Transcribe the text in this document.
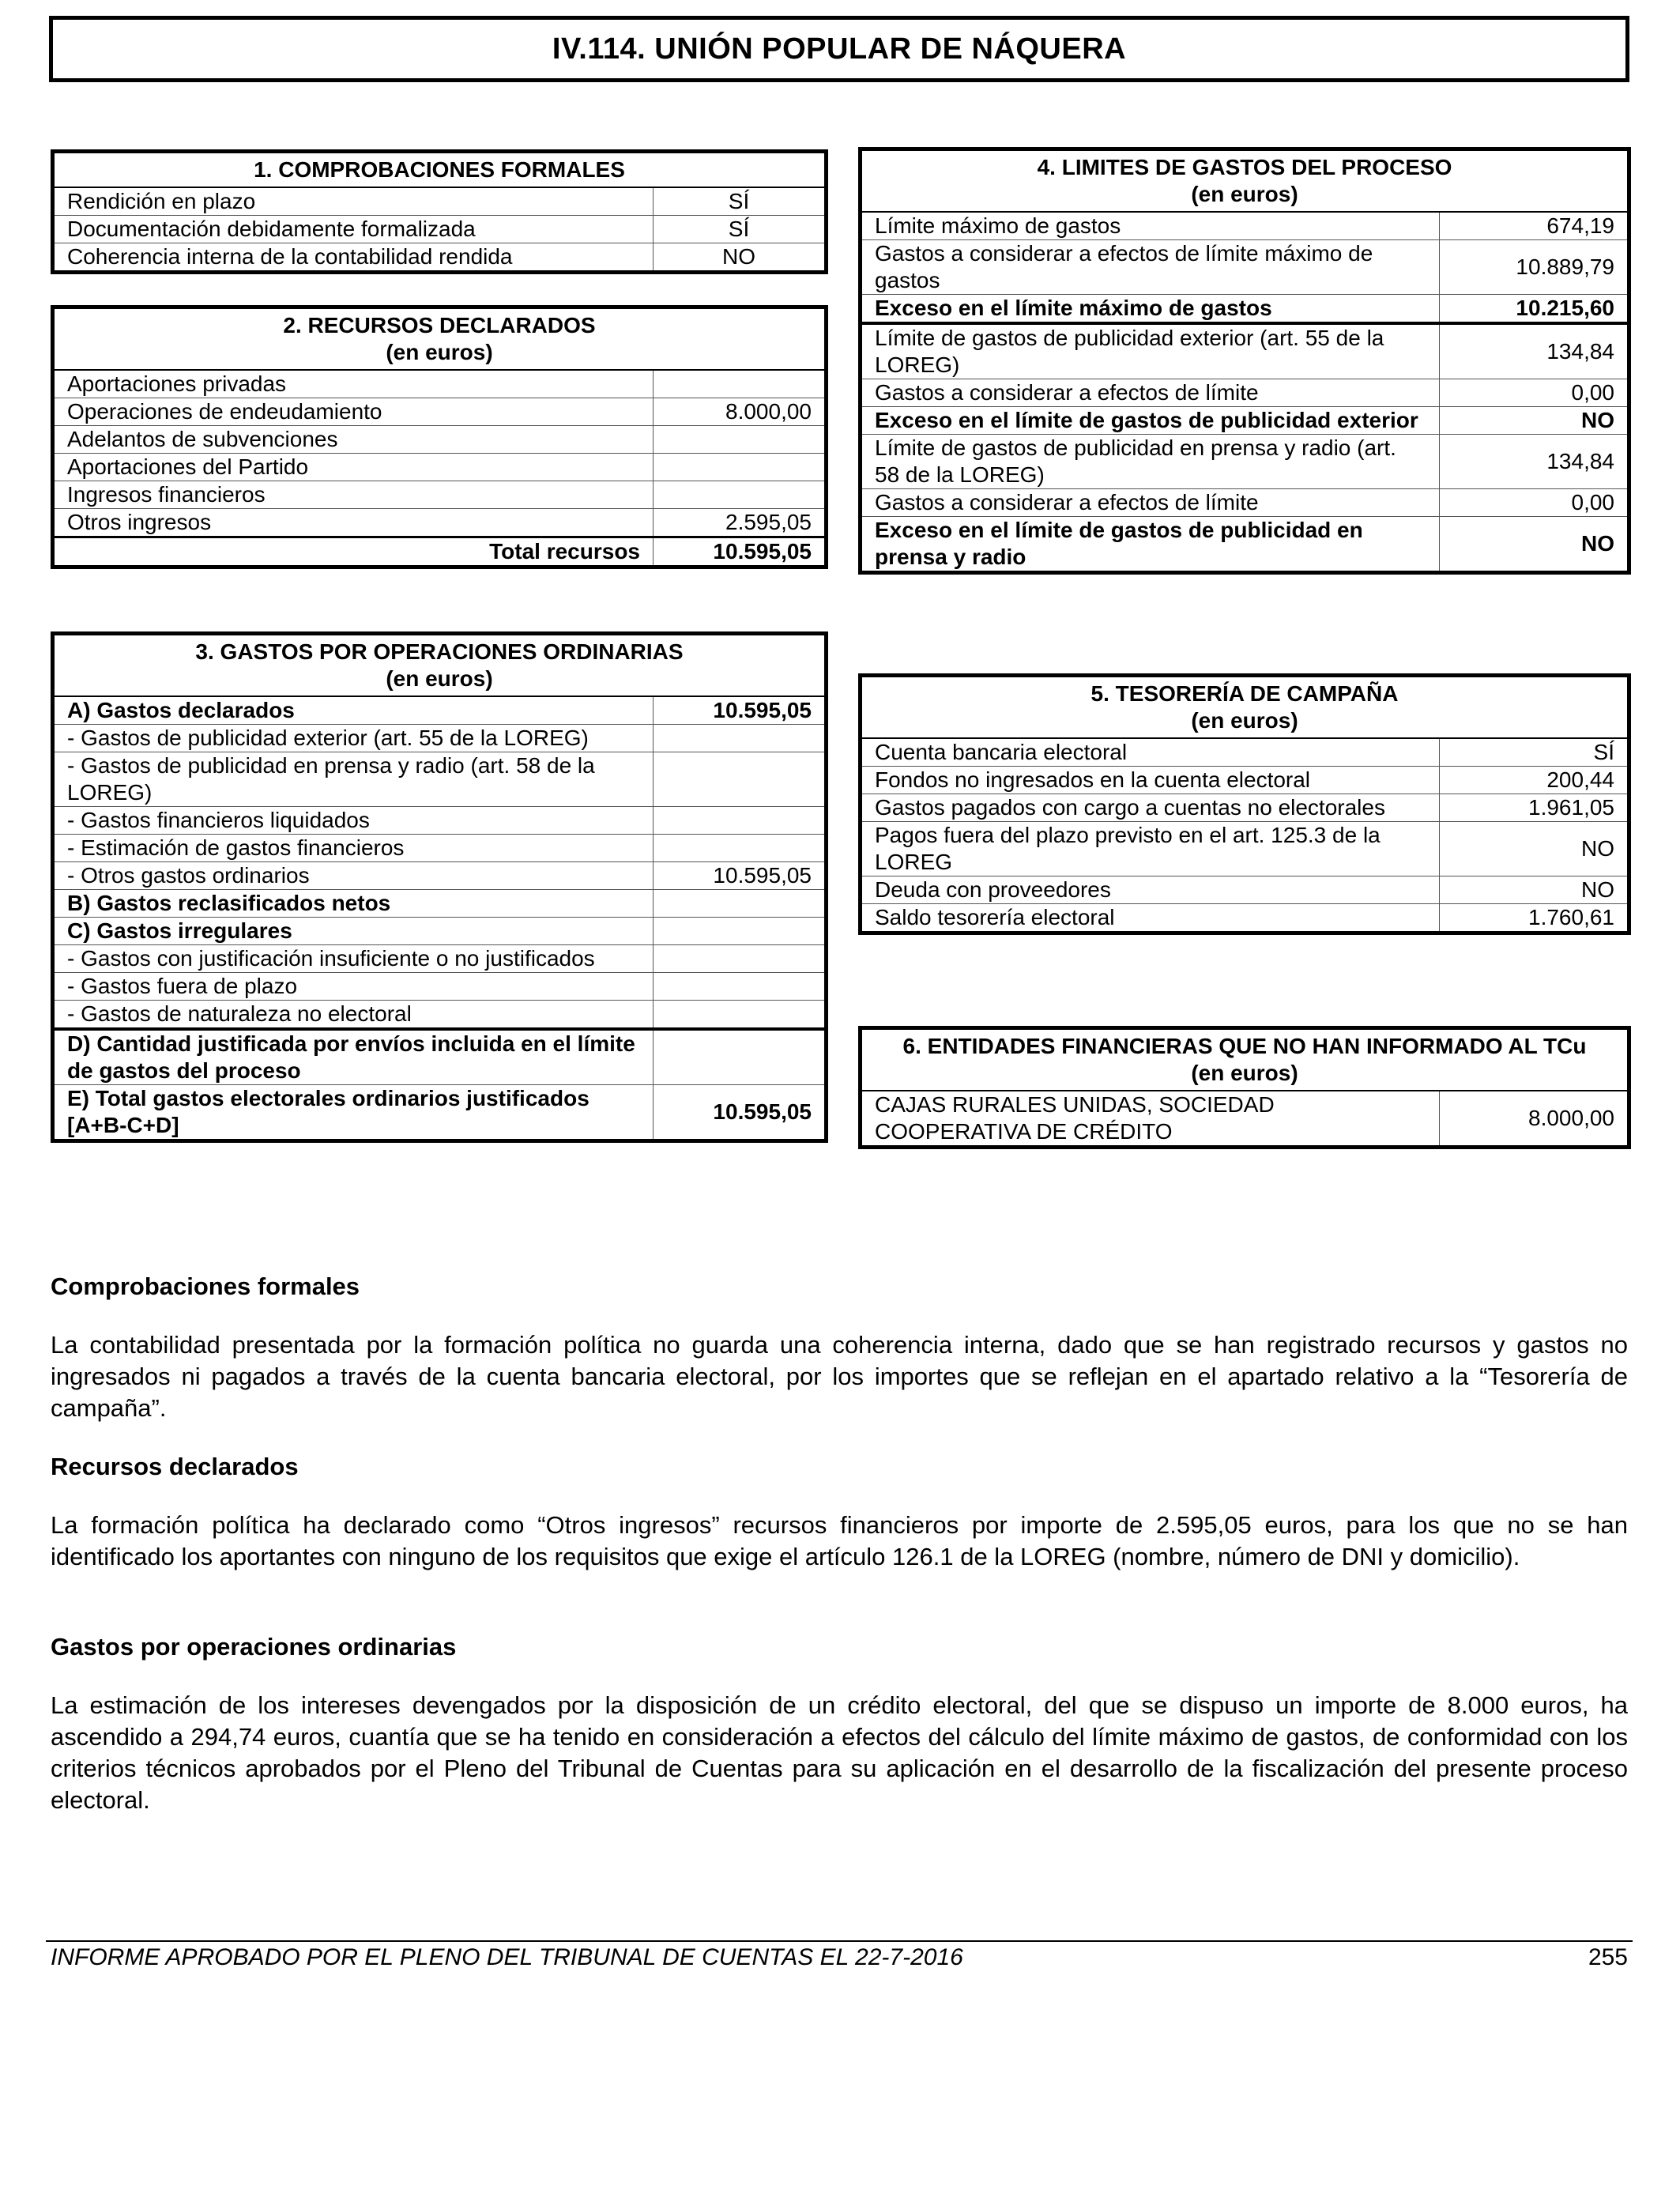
IV.114. UNIÓN POPULAR DE NÁQUERA
1. COMPROBACIONES FORMALES	
Rendición en plazo	SÍ
Documentación debidamente formalizada	SÍ
Coherencia interna de la contabilidad rendida	NO
2. RECURSOS DECLARADOS
(en euros)	

Aportaciones privadas	
Operaciones de endeudamiento	8.000,00
Adelantos de subvenciones	
Aportaciones del Partido	
Ingresos financieros	
Otros ingresos	2.595,05
Total recursos	10.595,05
3. GASTOS POR OPERACIONES ORDINARIAS
(en euros)	

A) Gastos declarados	10.595,05
- Gastos de publicidad exterior (art. 55 de la LOREG)	
- Gastos de publicidad en prensa y radio (art. 58 de la LOREG)	
- Gastos financieros liquidados	
- Estimación de gastos financieros	
- Otros gastos ordinarios	10.595,05
B) Gastos reclasificados netos	
C) Gastos irregulares	
- Gastos con justificación insuficiente o no justificados	
- Gastos fuera de plazo	
- Gastos de naturaleza no electoral	
D) Cantidad justificada por envíos incluida en el límite de gastos del proceso	
E) Total gastos electorales ordinarios justificados [A+B-C+D]	10.595,05
4. LIMITES DE GASTOS DEL PROCESO
(en euros)	

Límite máximo de gastos	674,19
Gastos a considerar a efectos de límite máximo de gastos	10.889,79
Exceso en el límite máximo de gastos	10.215,60
Límite de gastos de publicidad exterior (art. 55 de la LOREG)	134,84
Gastos a considerar a efectos de límite	0,00
Exceso en el límite de gastos de publicidad exterior	NO
Límite de gastos de publicidad en prensa y radio (art. 58 de la LOREG)	134,84
Gastos a considerar a efectos de límite	0,00
Exceso en el límite de gastos de publicidad en prensa y radio	NO
5. TESORERÍA DE CAMPAÑA
(en euros)	

Cuenta bancaria electoral	SÍ
Fondos no ingresados en la cuenta electoral	200,44
Gastos pagados con cargo a cuentas no electorales	1.961,05
Pagos fuera del plazo previsto en el art. 125.3 de la LOREG	NO
Deuda con proveedores	NO
Saldo tesorería electoral	1.760,61
6. ENTIDADES FINANCIERAS QUE NO HAN INFORMADO AL TCu
(en euros)

CAJAS RURALES UNIDAS, SOCIEDAD COOPERATIVA DE CRÉDITO	8.000,00
Comprobaciones formales

La contabilidad presentada por la formación política no guarda una coherencia interna, dado que se han registrado recursos y gastos no ingresados ni pagados a través de la cuenta bancaria electoral, por los importes que se reflejan en el apartado relativo a la “Tesorería de campaña”.

Recursos declarados

La formación política ha declarado como “Otros ingresos” recursos financieros por importe de 2.595,05 euros, para los que no se han identificado los aportantes con ninguno de los requisitos que exige el artículo 126.1 de la LOREG (nombre, número de DNI y domicilio).

Gastos por operaciones ordinarias

La estimación de los intereses devengados por la disposición de un crédito electoral, del que se dispuso un importe de 8.000 euros, ha ascendido a 294,74 euros, cuantía que se ha tenido en consideración a efectos del cálculo del límite máximo de gastos, de conformidad con los criterios técnicos aprobados por el Pleno del Tribunal de Cuentas para su aplicación en el desarrollo de la fiscalización del presente proceso electoral.

INFORME APROBADO POR EL PLENO DEL TRIBUNAL DE CUENTAS EL 22-7-2016	255
